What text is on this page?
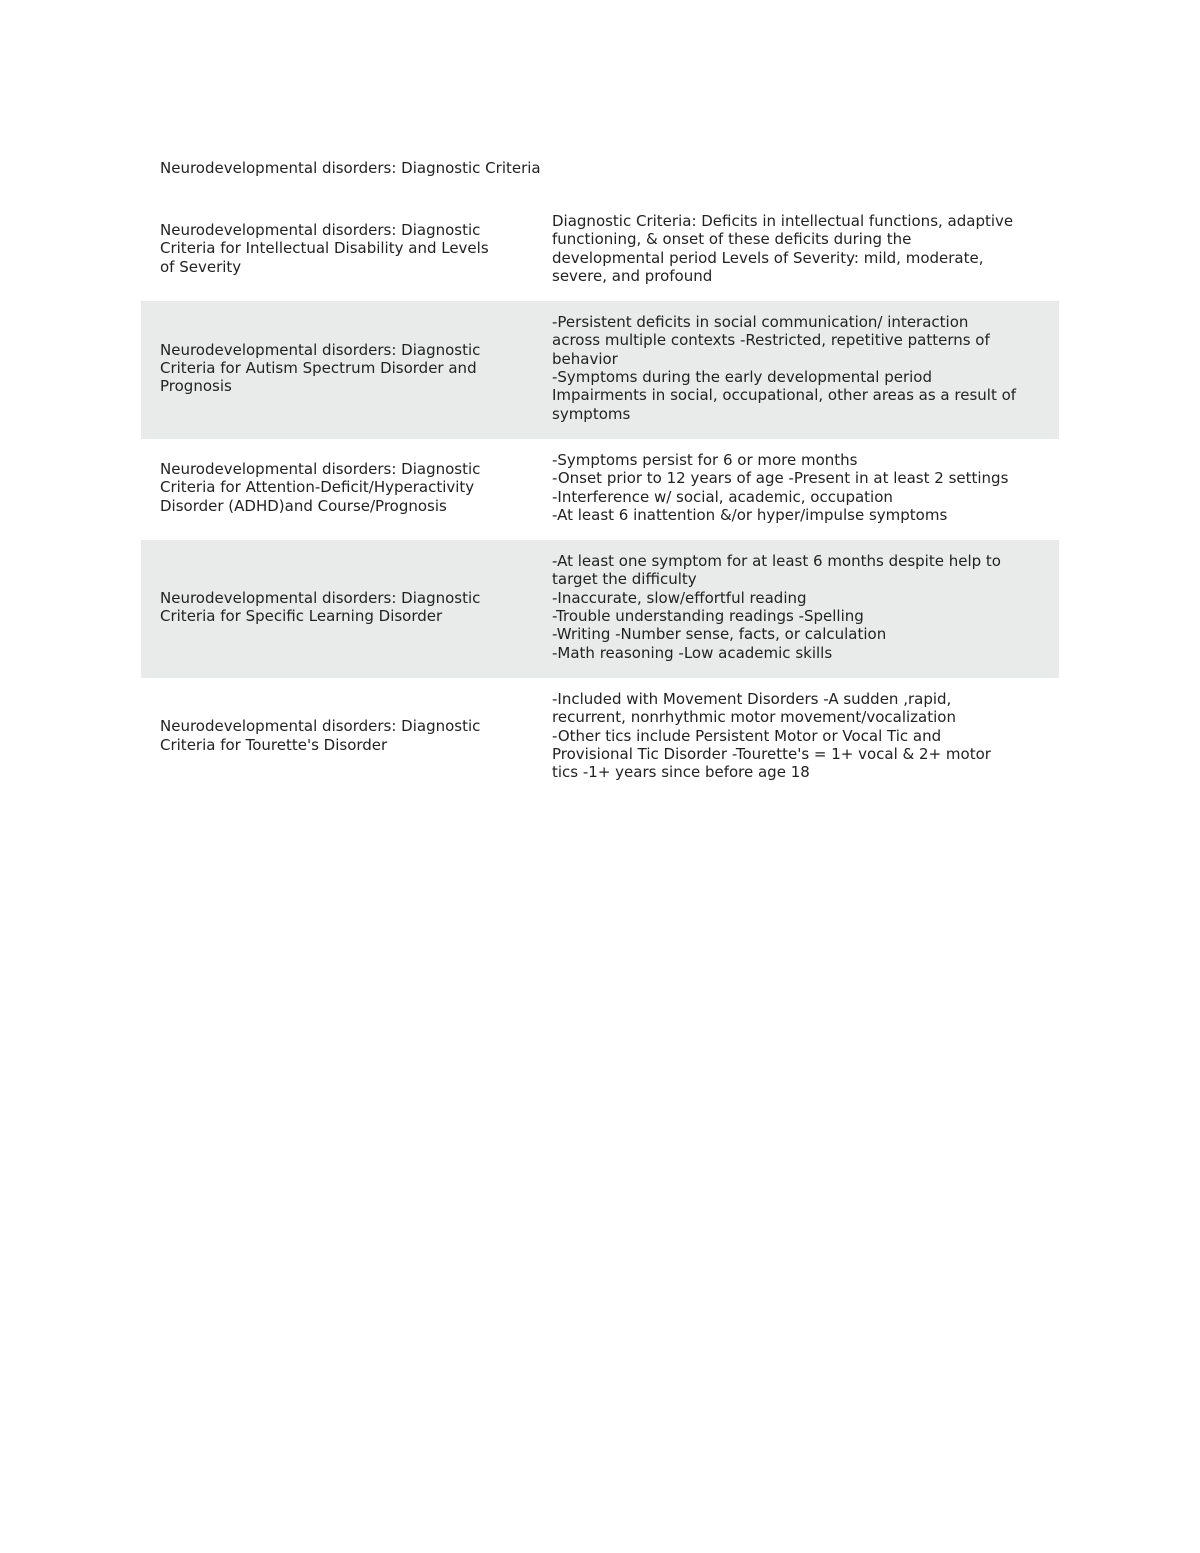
Neurodevelopmental disorders: Diagnostic Criteria
Neurodevelopmental disorders: Diagnostic
Criteria for Intellectual Disability and Levels
of Severity
Diagnostic Criteria: Deficits in intellectual functions, adaptive
functioning, & onset of these deficits during the
developmental period Levels of Severity: mild, moderate,
severe, and profound
Neurodevelopmental disorders: Diagnostic
Criteria for Autism Spectrum Disorder and
Prognosis
-Persistent deficits in social communication/ interaction
across multiple contexts -Restricted, repetitive patterns of
behavior
-Symptoms during the early developmental period
Impairments in social, occupational, other areas as a result of
symptoms
Neurodevelopmental disorders: Diagnostic
Criteria for Attention-Deficit/Hyperactivity
Disorder (ADHD)and Course/Prognosis
-Symptoms persist for 6 or more months
-Onset prior to 12 years of age -Present in at least 2 settings
-Interference w/ social, academic, occupation
-At least 6 inattention &/or hyper/impulse symptoms
Neurodevelopmental disorders: Diagnostic
Criteria for Specific Learning Disorder
-At least one symptom for at least 6 months despite help to
target the difficulty
-Inaccurate, slow/effortful reading
-Trouble understanding readings -Spelling
-Writing -Number sense, facts, or calculation
-Math reasoning -Low academic skills
Neurodevelopmental disorders: Diagnostic
Criteria for Tourette's Disorder
-Included with Movement Disorders -A sudden ,rapid,
recurrent, nonrhythmic motor movement/vocalization
-Other tics include Persistent Motor or Vocal Tic and
Provisional Tic Disorder -Tourette's = 1+ vocal & 2+ motor
tics -1+ years since before age 18
